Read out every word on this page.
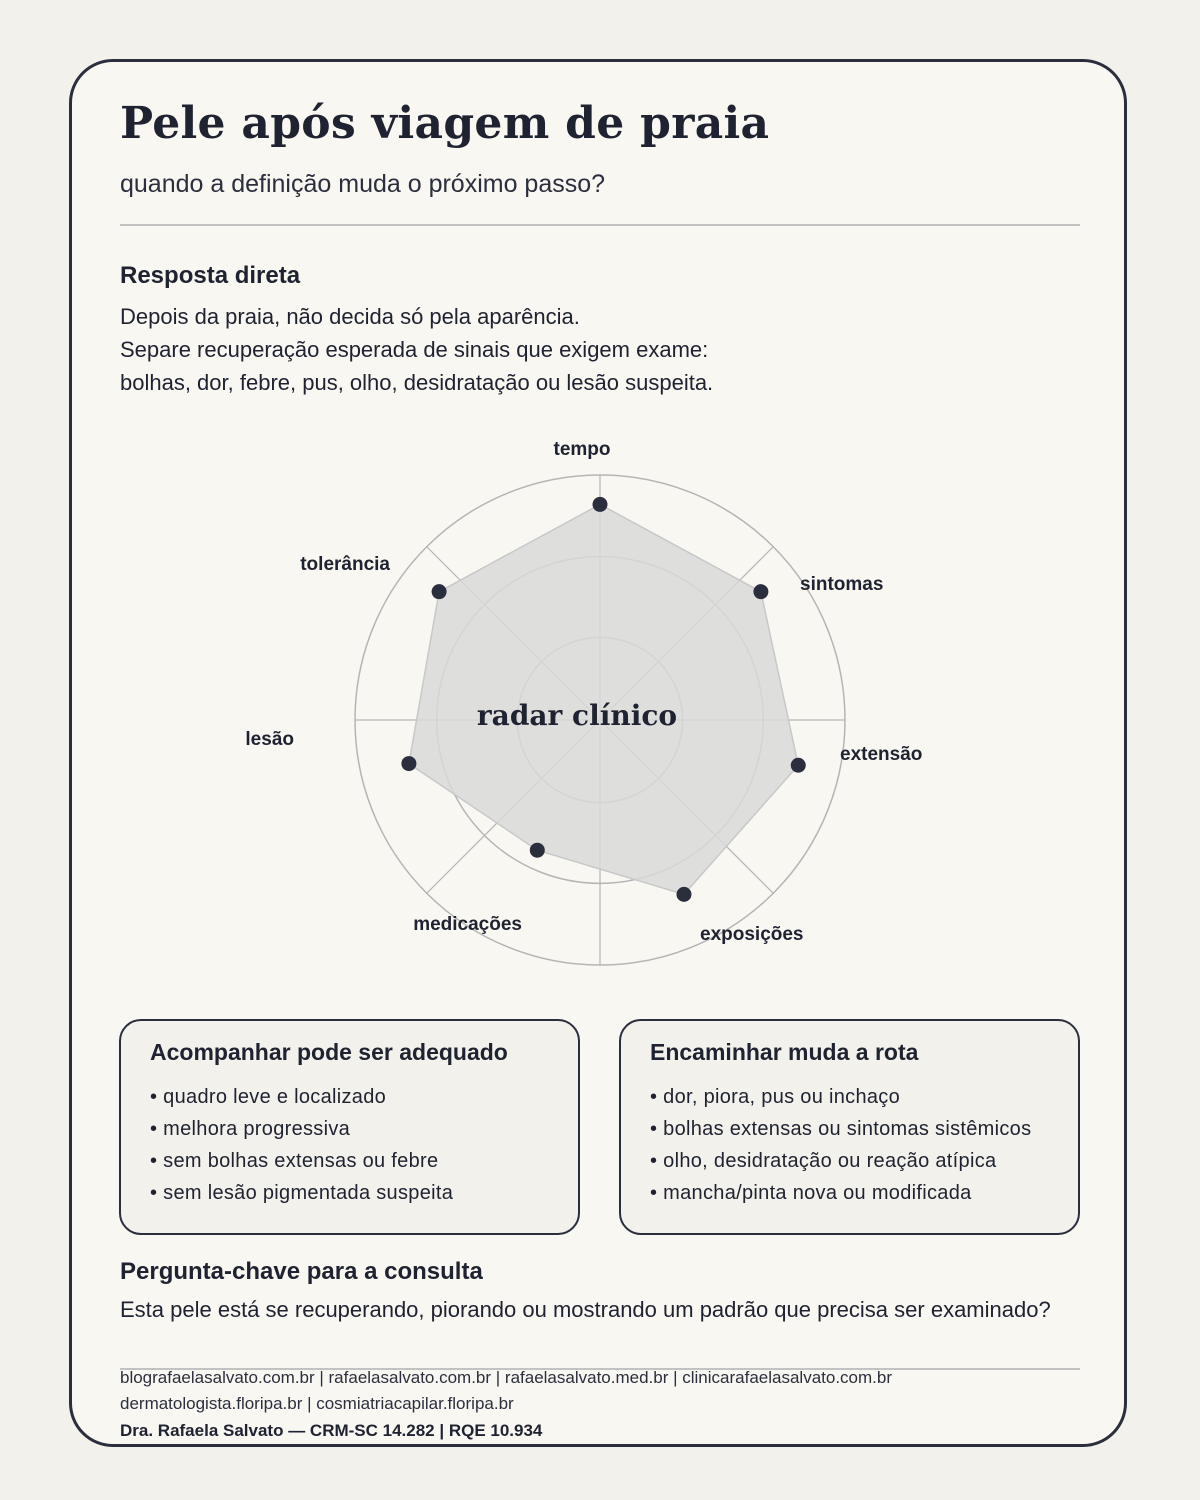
Pele após viagem de praia
quando a definição muda o próximo passo?
Resposta direta
Depois da praia, não decida só pela aparência.
Separe recuperação esperada de sinais que exigem exame:
bolhas, dor, febre, pus, olho, desidratação ou lesão suspeita.
tempo
sintomas
extensão
exposições
medicações
lesão
tolerância
radar clínico
Acompanhar pode ser adequado
• quadro leve e localizado
• melhora progressiva
• sem bolhas extensas ou febre
• sem lesão pigmentada suspeita
Encaminhar muda a rota
• dor, piora, pus ou inchaço
• bolhas extensas ou sintomas sistêmicos
• olho, desidratação ou reação atípica
• mancha/pinta nova ou modificada
Pergunta-chave para a consulta
Esta pele está se recuperando, piorando ou mostrando um padrão que precisa ser examinado?
blografaelasalvato.com.br | rafaelasalvato.com.br | rafaelasalvato.med.br | clinicarafaelasalvato.com.br
dermatologista.floripa.br | cosmiatriacapilar.floripa.br
Dra. Rafaela Salvato — CRM-SC 14.282 | RQE 10.934
